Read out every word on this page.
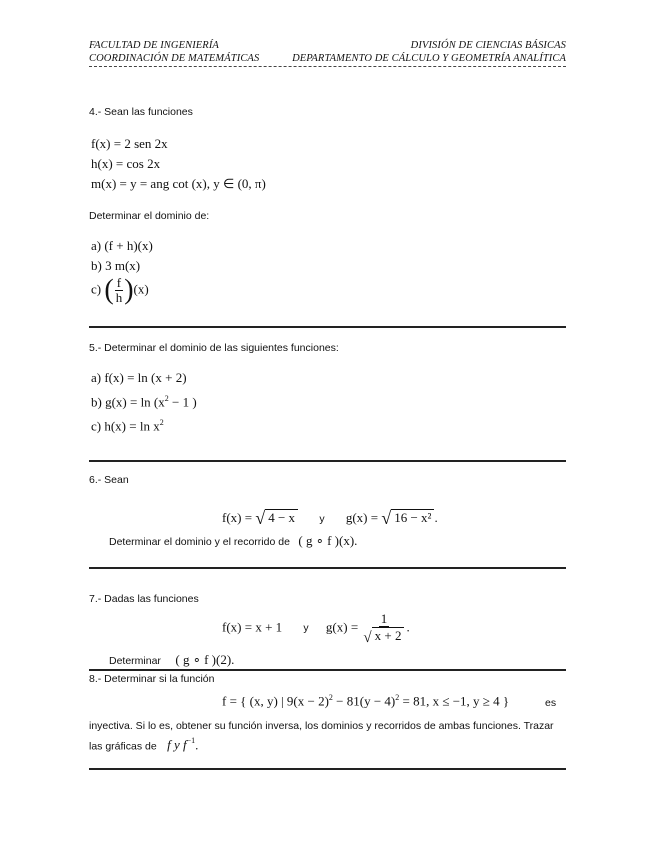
FACULTAD DE INGENIERÍA
COORDINACIÓN DE MATEMÁTICAS
DIVISIÓN DE CIENCIAS BÁSICAS
DEPARTAMENTO DE CÁLCULO Y GEOMETRÍA ANALÍTICA
4.- Sean las funciones
f(x) = 2 sen 2x
h(x) = cos 2x
m(x) = y = ang cot (x), y ∈ (0, π)
Determinar el dominio de:
a) (f + h)(x)
b) 3 m(x)
c) ( $\frac{f}{h} )(x)$
5.- Determinar el dominio de las siguientes funciones:
a) f(x) = ln (x + 2)
b) $g(x) = \ln (x^2 - 1$ )
c) $h(x) = \ln x^2$
6.- Sean
f(x) = √ 4 − x y g(x) = √ 16 − x² .
Determinar el dominio y el recorrido de ( g ∘ f )(x).
7.- Dadas las funciones
f(x) = x + 1 y $g(x) = \frac{1}{√ x + 2}$ .
Determinar ( g ∘ f )(2).
8.- Determinar si la función
f = { (x, y) | $9(x - 2)^2 - 81(y - 4)^2 = 81$, x ≤ −1, y ≥ 4 }	es
inyectiva. Si lo es, obtener su función inversa, los dominios y recorridos de ambas funciones. Trazar
las gráficas de f y $f^{-1}$.
